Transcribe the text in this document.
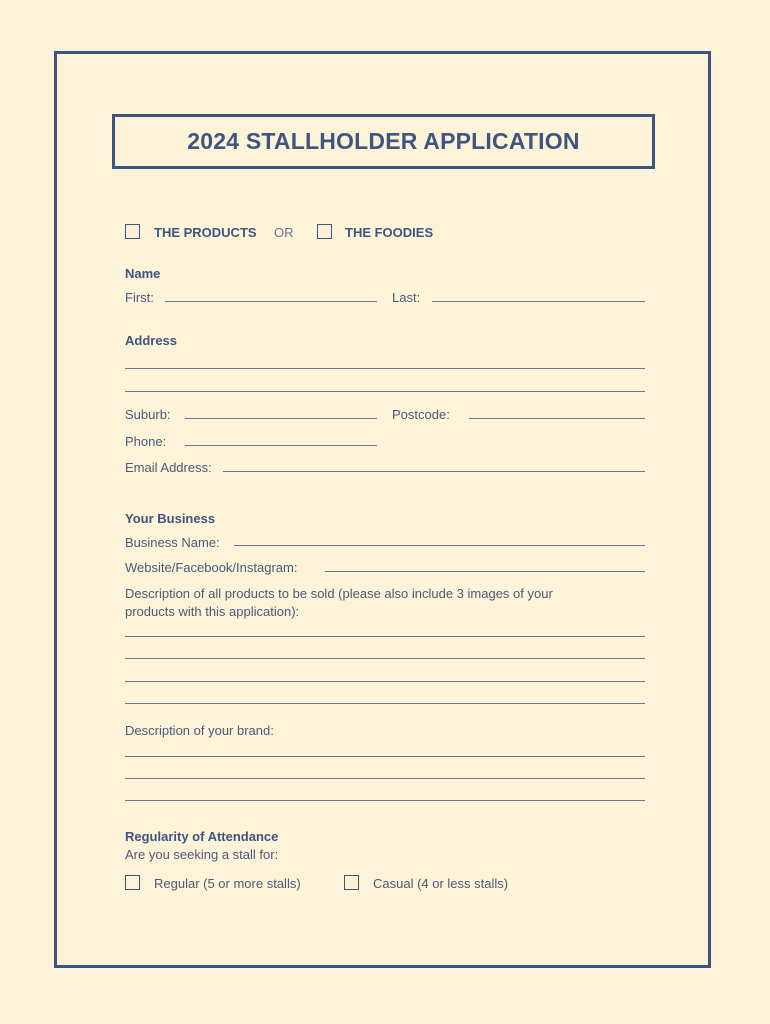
2024 STALLHOLDER APPLICATION
THE PRODUCTS OR	THE FOODIES
Name
First:	Last:
Address
Suburb:	Postcode:
Phone:
Email Address:
Your Business
Business Name:
Website/Facebook/Instagram:
Description of all products to be sold (please also include 3 images of your
products with this application):
Description of your brand:
Regularity of Attendance
Are you seeking a stall for:
Regular (5 or more stalls)	Casual (4 or less stalls)
